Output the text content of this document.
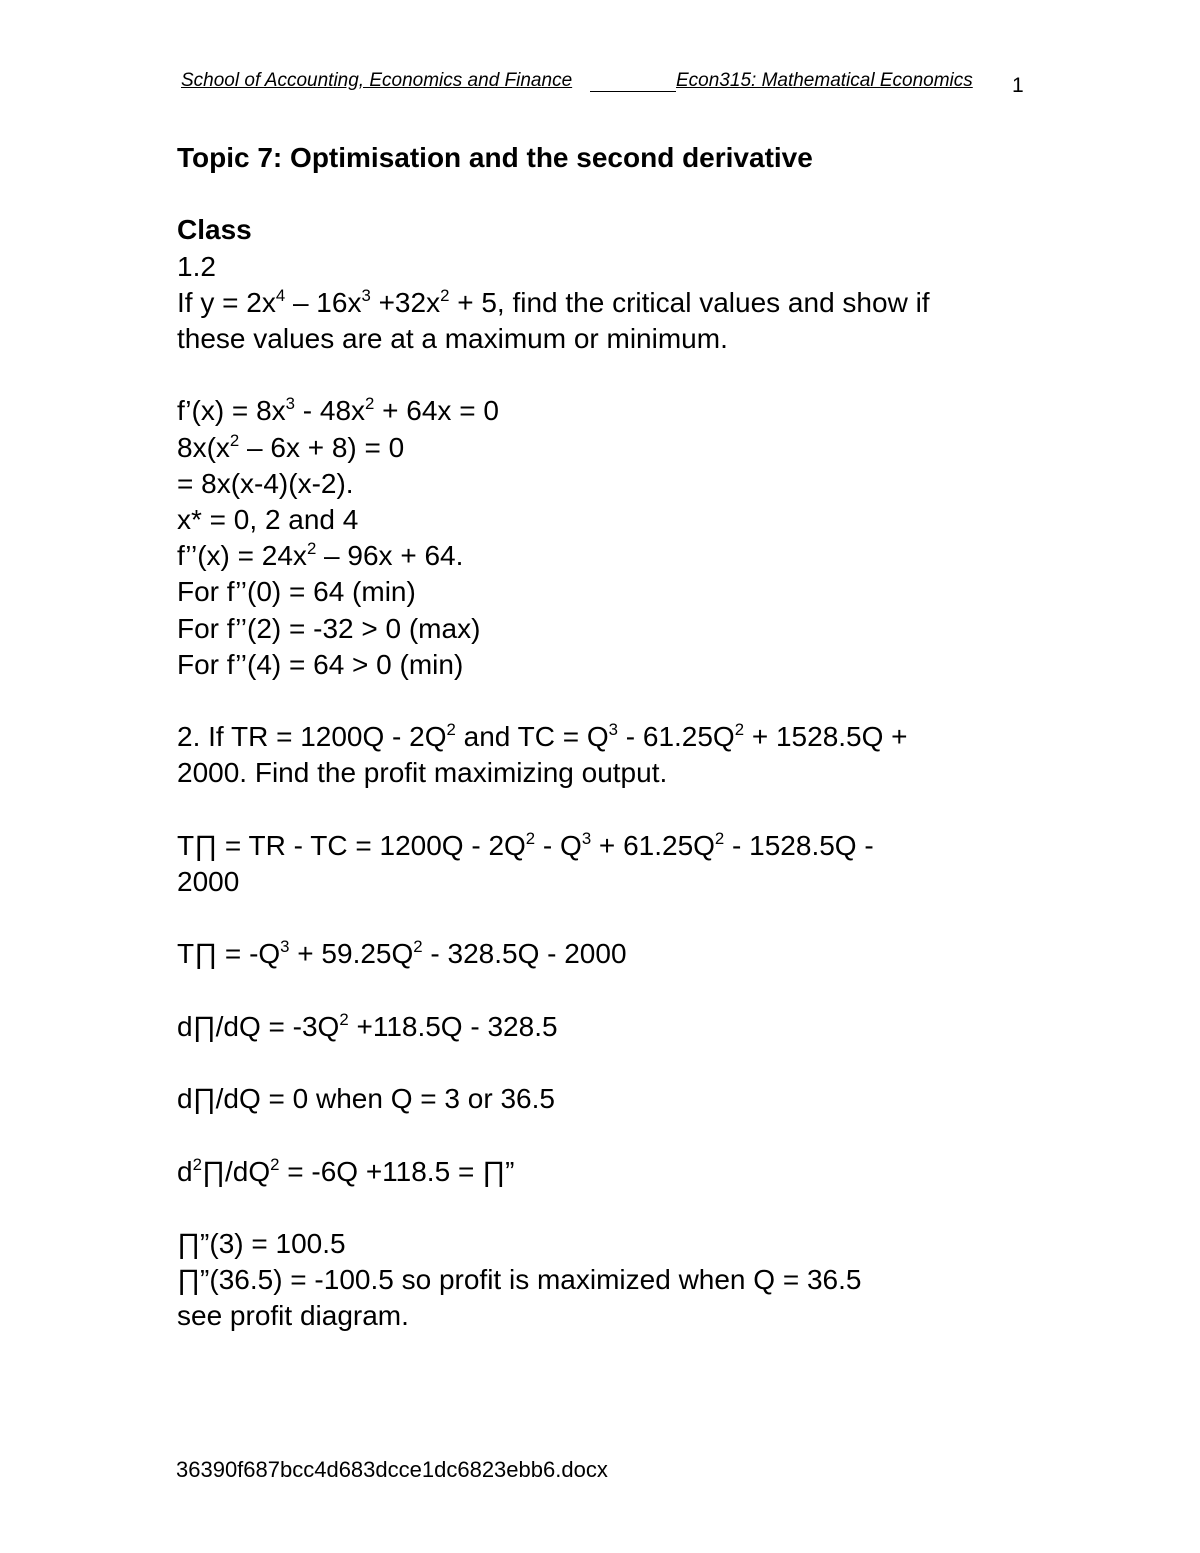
School of Accounting, Economics and Finance	Econ315: Mathematical Economics 1
Topic 7: Optimisation and the second derivative
Class
1.2
If $y = 2x^4 - 16x^3 +32x^2 + 5$, find the critical values and show if
these values are at a maximum or minimum.
f’(x) = $8x^3 - 48x^2 + 64x = 0$
$8x(x^2 - 6x + 8) = 0$
= 8x(x-4)(x-2).
x* = 0, 2 and 4
f’’(x) = $24x^2 - 96x + 64$.
For f’’(0) = 64 (min)
For f’’(2) = -32 > 0 (max)
For f’’(4) = 64 > 0 (min)
2. If TR = $1200Q - 2Q^2$ and TC = $Q^3 - 61.25Q^2 + 1528.5Q$ +
2000. Find the profit maximizing output.
T∏ = TR - TC = $1200Q - 2Q^2 - Q^3 + 61.25Q^2 - 1528.5Q$ -
2000
T∏ = $-Q^3 + 59.25Q^2 - 328.5Q - 2000$
d∏/dQ = $-3Q^2 +118.5Q - 328.5$
d∏/dQ = 0 when Q = 3 or 36.5
$d^2\prod/dQ^2 = -6Q +118.5$ = ∏”
∏”(3) = 100.5
∏”(36.5) = -100.5 so profit is maximized when Q = 36.5
see profit diagram.
36390f687bcc4d683dcce1dc6823ebb6.docx
